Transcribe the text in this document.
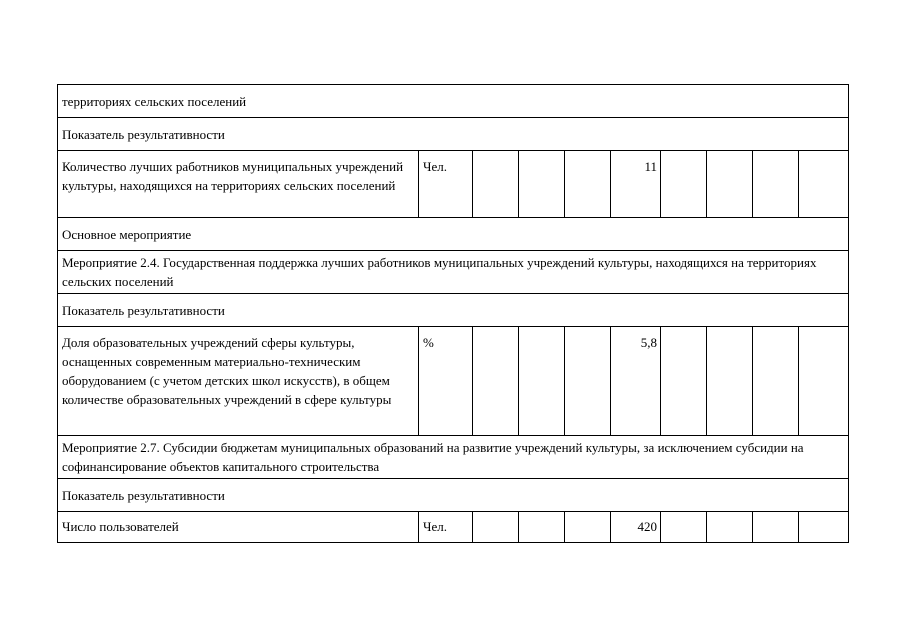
территориях сельских поселений									
Показатель результативности									
Количество лучших работников муниципальных учреждений культуры, находящихся на территориях сельских поселений	Чел.				11				
Основное мероприятие									
Мероприятие 2.4. Государственная поддержка лучших работников муниципальных учреждений культуры, находящихся на территориях сельских поселений									
Показатель результативности									
Доля образовательных учреждений сферы культуры, оснащенных современным материально-техническим оборудованием (с учетом детских школ искусств), в общем количестве образовательных учреждений в сфере культуры	%				5,8				
Мероприятие 2.7. Субсидии бюджетам муниципальных образований на развитие учреждений культуры, за исключением субсидии на софинансирование объектов капитального строительства									
Показатель результативности									
Число пользователей	Чел.				420				
